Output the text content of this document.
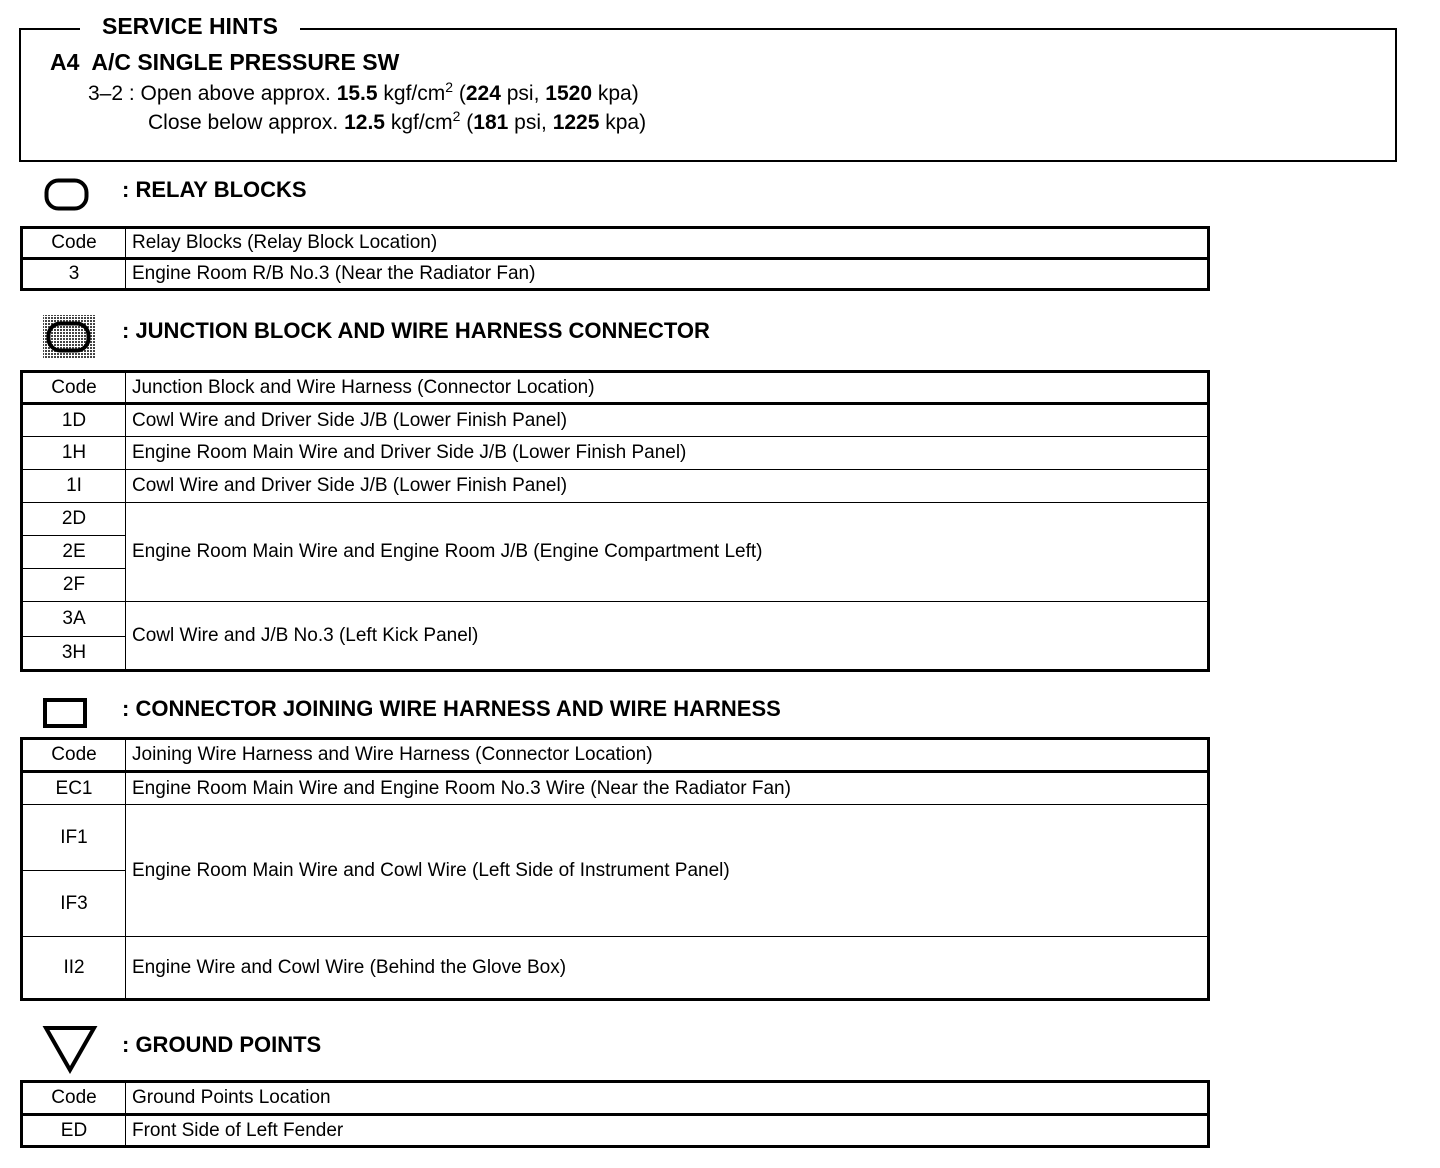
SERVICE HINTS
A4  A/C SINGLE PRESSURE SW
3–2 : Open above approx. 15.5 kgf/$cm^2$ (224 psi, 1520 kpa)
Close below approx. 12.5 kgf/$cm^2$ (181 psi, 1225 kpa)
: RELAY BLOCKS
Code	Relay Blocks (Relay Block Location)
3	Engine Room R/B No.3 (Near the Radiator Fan)
: JUNCTION BLOCK AND WIRE HARNESS CONNECTOR
Code	Junction Block and Wire Harness (Connector Location)
1D	Cowl Wire and Driver Side J/B (Lower Finish Panel)
1H	Engine Room Main Wire and Driver Side J/B (Lower Finish Panel)
1I	Cowl Wire and Driver Side J/B (Lower Finish Panel)
2D	Engine Room Main Wire and Engine Room J/B (Engine Compartment Left)
2E	
2F	
3A	Cowl Wire and J/B No.3 (Left Kick Panel)
3H	
: CONNECTOR JOINING WIRE HARNESS AND WIRE HARNESS
Code	Joining Wire Harness and Wire Harness (Connector Location)
EC1	Engine Room Main Wire and Engine Room No.3 Wire (Near the Radiator Fan)
IF1	Engine Room Main Wire and Cowl Wire (Left Side of Instrument Panel)
IF3	
II2	Engine Wire and Cowl Wire (Behind the Glove Box)
: GROUND POINTS
Code	Ground Points Location
ED	Front Side of Left Fender
